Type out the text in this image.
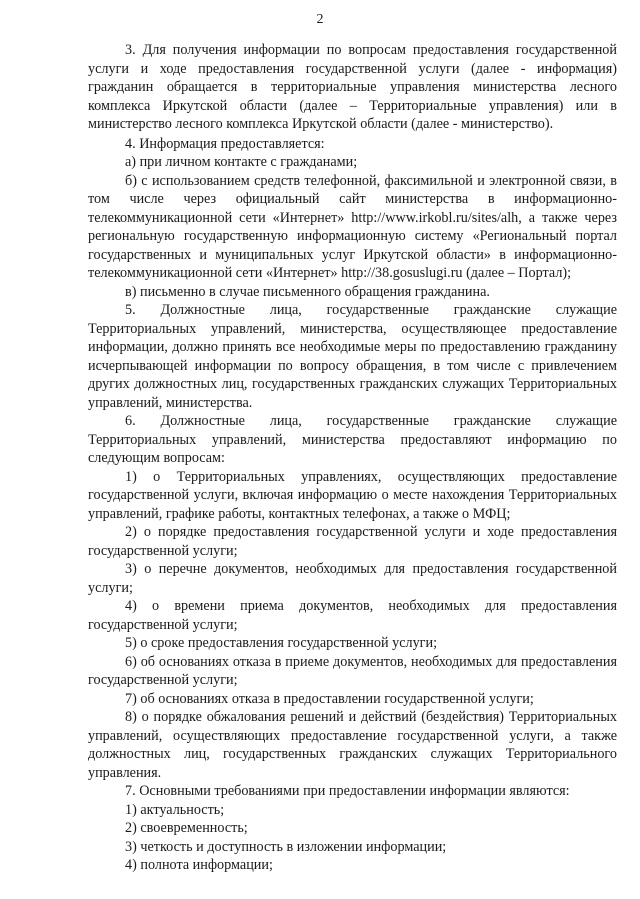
2

3. Для получения информации по вопросам предоставления государственной услуги и ходе предоставления государственной услуги (далее - информация) гражданин обращается в территориальные управления министерства лесного комплекса Иркутской области (далее – Территориальные управления) или в министерство лесного комплекса Иркутской области (далее - министерство).

4. Информация предоставляется:

а) при личном контакте с гражданами;

б) с использованием средств телефонной, факсимильной и электронной связи, в том числе через официальный сайт министерства в информационно-телекоммуникационной сети «Интернет» http://www.irkobl.ru/sites/alh, а также через региональную государственную информационную систему «Региональный портал государственных и муниципальных услуг Иркутской области» в информационно-телекоммуникационной сети «Интернет» http://38.gosuslugi.ru (далее – Портал);

в) письменно в случае письменного обращения гражданина.

5. Должностные лица, государственные гражданские служащие Территориальных управлений, министерства, осуществляющее предоставление информации, должно принять все необходимые меры по предоставлению гражданину исчерпывающей информации по вопросу обращения, в том числе с привлечением других должностных лиц, государственных гражданских служащих Территориальных управлений, министерства.

6. Должностные лица, государственные гражданские служащие Территориальных управлений, министерства предоставляют информацию по следующим вопросам:

1) о Территориальных управлениях, осуществляющих предоставление государственной услуги, включая информацию о месте нахождения Территориальных управлений, графике работы, контактных телефонах, а также о МФЦ;

2) о порядке предоставления государственной услуги и ходе предоставления государственной услуги;

3) о перечне документов, необходимых для предоставления государственной услуги;

4) о времени приема документов, необходимых для предоставления государственной услуги;

5) о сроке предоставления государственной услуги;

6) об основаниях отказа в приеме документов, необходимых для предоставления государственной услуги;

7) об основаниях отказа в предоставлении государственной услуги;

8) о порядке обжалования решений и действий (бездействия) Территориальных управлений, осуществляющих предоставление государственной услуги, а также должностных лиц, государственных гражданских служащих Территориального управления.

7. Основными требованиями при предоставлении информации являются:

1) актуальность;

2) своевременность;

3) четкость и доступность в изложении информации;

4) полнота информации;
